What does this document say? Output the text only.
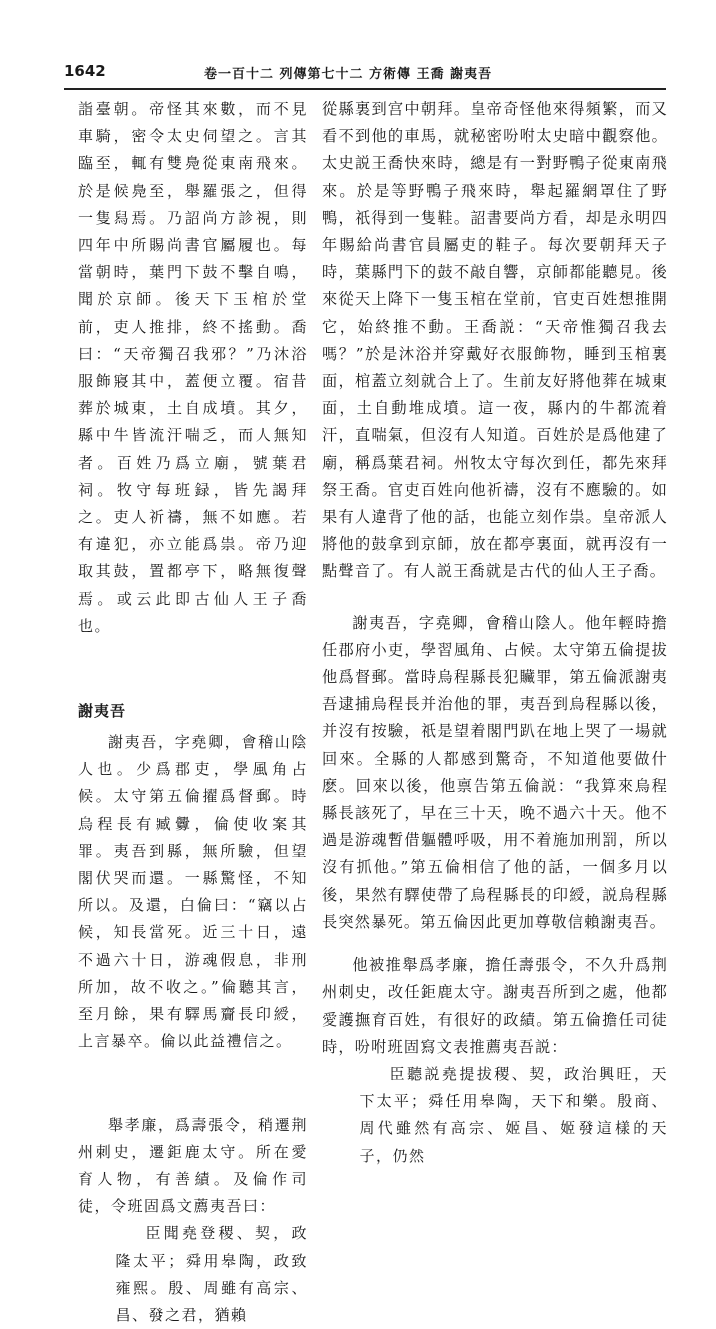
1642	卷一百十二 列傳第七十二 方術傳 王喬 謝夷吾

詣臺朝。帝怪其來數，而不見車騎，密令太史伺望之。言其臨至，輒有雙鳧從東南飛來。於是候鳧至，舉羅張之，但得一隻舄焉。乃詔尚方診視，則四年中所賜尚書官屬履也。每當朝時，葉門下鼓不擊自鳴，聞於京師。後天下玉棺於堂前，吏人推排，終不搖動。喬曰：“天帝獨召我邪？”乃沐浴服飾寢其中，蓋便立覆。宿昔葬於城東，土自成墳。其夕，縣中牛皆流汗喘乏，而人無知者。百姓乃爲立廟，號葉君祠。牧守每班録，皆先謁拜之。吏人祈禱，無不如應。若有違犯，亦立能爲祟。帝乃迎取其鼓，置都亭下，略無復聲焉。或云此即古仙人王子喬也。

謝夷吾

謝夷吾，字堯卿，會稽山陰人也。少爲郡吏，學風角占候。太守第五倫擢爲督郵。時烏程長有臧釁，倫使收案其罪。夷吾到縣，無所驗，但望閣伏哭而還。一縣驚怪，不知所以。及還，白倫曰：“竊以占候，知長當死。近三十日，遠不過六十日，游魂假息，非刑所加，故不收之。”倫聽其言，至月餘，果有驛馬齎長印綬，上言暴卒。倫以此益禮信之。

舉孝廉，爲壽張令，稍遷荆州刺史，遷鉅鹿太守。所在愛育人物，有善績。及倫作司徒，令班固爲文薦夷吾曰：

臣聞堯登稷、契，政隆太平；舜用皋陶，政致雍熙。殷、周雖有高宗、昌、發之君，猶賴

從縣裏到宫中朝拜。皇帝奇怪他來得頻繁，而又看不到他的車馬，就秘密吩咐太史暗中觀察他。太史説王喬快來時，總是有一對野鴨子從東南飛來。於是等野鴨子飛來時，舉起羅網罩住了野鴨，祇得到一隻鞋。詔書要尚方看，却是永明四年賜給尚書官員屬吏的鞋子。每次要朝拜天子時，葉縣門下的鼓不敲自響，京師都能聽見。後來從天上降下一隻玉棺在堂前，官吏百姓想推開它，始終推不動。王喬説：“天帝惟獨召我去嗎？”於是沐浴并穿戴好衣服飾物，睡到玉棺裏面，棺蓋立刻就合上了。生前友好將他葬在城東面，土自動堆成墳。這一夜，縣内的牛都流着汗，直喘氣，但沒有人知道。百姓於是爲他建了廟，稱爲葉君祠。州牧太守每次到任，都先來拜祭王喬。官吏百姓向他祈禱，沒有不應驗的。如果有人違背了他的話，也能立刻作祟。皇帝派人將他的鼓拿到京師，放在都亭裏面，就再沒有一點聲音了。有人説王喬就是古代的仙人王子喬。

謝夷吾，字堯卿，會稽山陰人。他年輕時擔任郡府小吏，學習風角、占候。太守第五倫提拔他爲督郵。當時烏程縣長犯贜罪，第五倫派謝夷吾逮捕烏程長并治他的罪，夷吾到烏程縣以後，并沒有按驗，祇是望着閣門趴在地上哭了一場就回來。全縣的人都感到驚奇，不知道他要做什麽。回來以後，他禀告第五倫説：“我算來烏程縣長該死了，早在三十天，晚不過六十天。他不過是游魂暫借軀體呼吸，用不着施加刑罰，所以沒有抓他。”第五倫相信了他的話，一個多月以後，果然有驛使帶了烏程縣長的印綬，説烏程縣長突然暴死。第五倫因此更加尊敬信賴謝夷吾。

他被推舉爲孝廉，擔任壽張令，不久升爲荆州刺史，改任鉅鹿太守。謝夷吾所到之處，他都愛護撫育百姓，有很好的政績。第五倫擔任司徒時，吩咐班固寫文表推薦夷吾説：

臣聽説堯提拔稷、契，政治興旺，天下太平；舜任用皋陶，天下和樂。殷商、周代雖然有高宗、姬昌、姬發這樣的天子，仍然
